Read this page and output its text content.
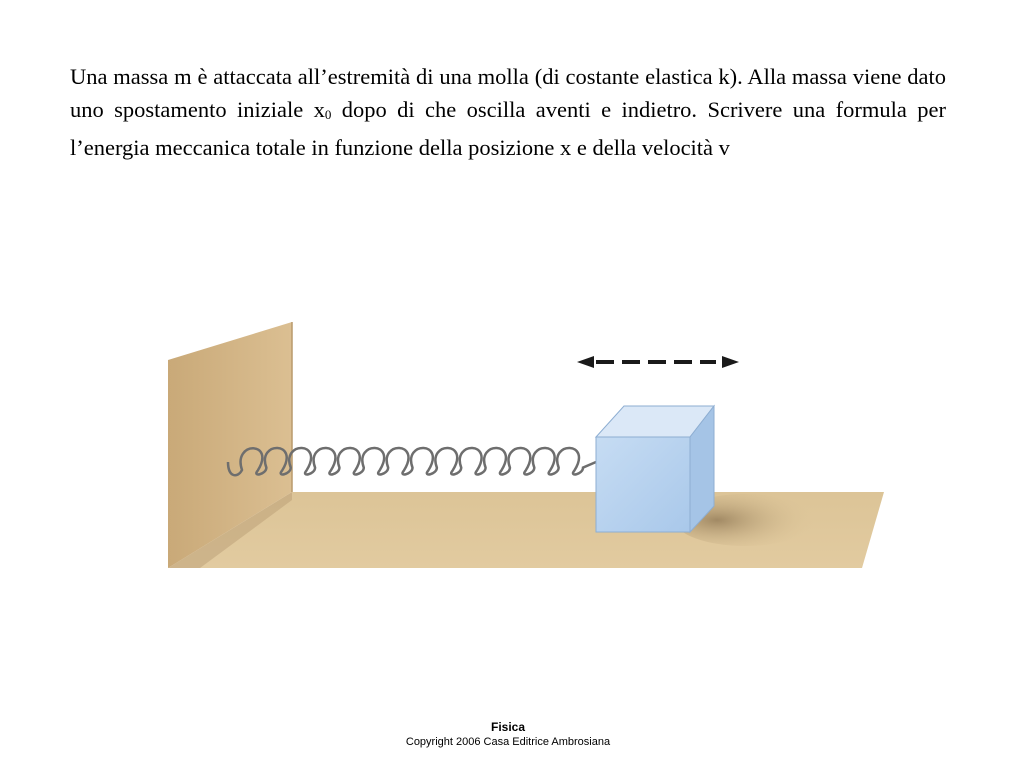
Una massa m è attaccata all’estremità di una molla (di costante elastica k). Alla massa viene dato uno spostamento iniziale $x_0$ dopo di che oscilla aventi e indietro. Scrivere una formula per l’energia meccanica totale in funzione della posizione x e della velocità v

Fisica
Copyright 2006 Casa Editrice Ambrosiana
